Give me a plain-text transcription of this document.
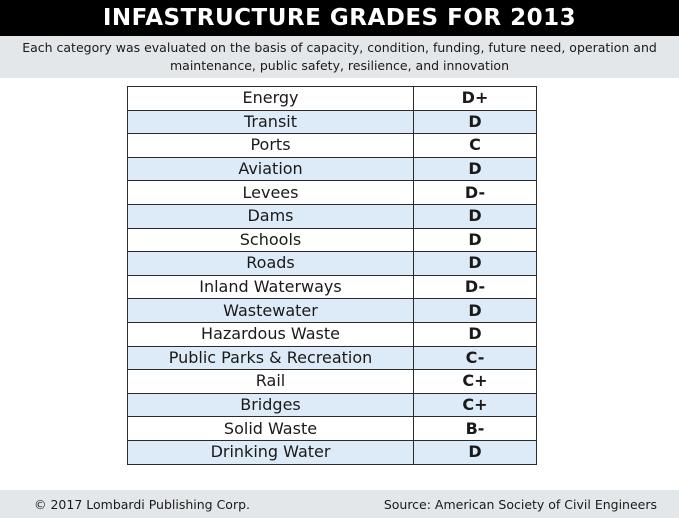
INFASTRUCTURE GRADES FOR 2013
Each category was evaluated on the basis of capacity, condition, funding, future need, operation and maintenance, public safety, resilience, and innovation
Energy	D+
Transit	D
Ports	C
Aviation	D
Levees	D-
Dams	D
Schools	D
Roads	D
Inland Waterways	D-
Wastewater	D
Hazardous Waste	D
Public Parks & Recreation	C-
Rail	C+
Bridges	C+
Solid Waste	B-
Drinking Water	D
© 2017 Lombardi Publishing Corp.	Source: American Society of Civil Engineers
